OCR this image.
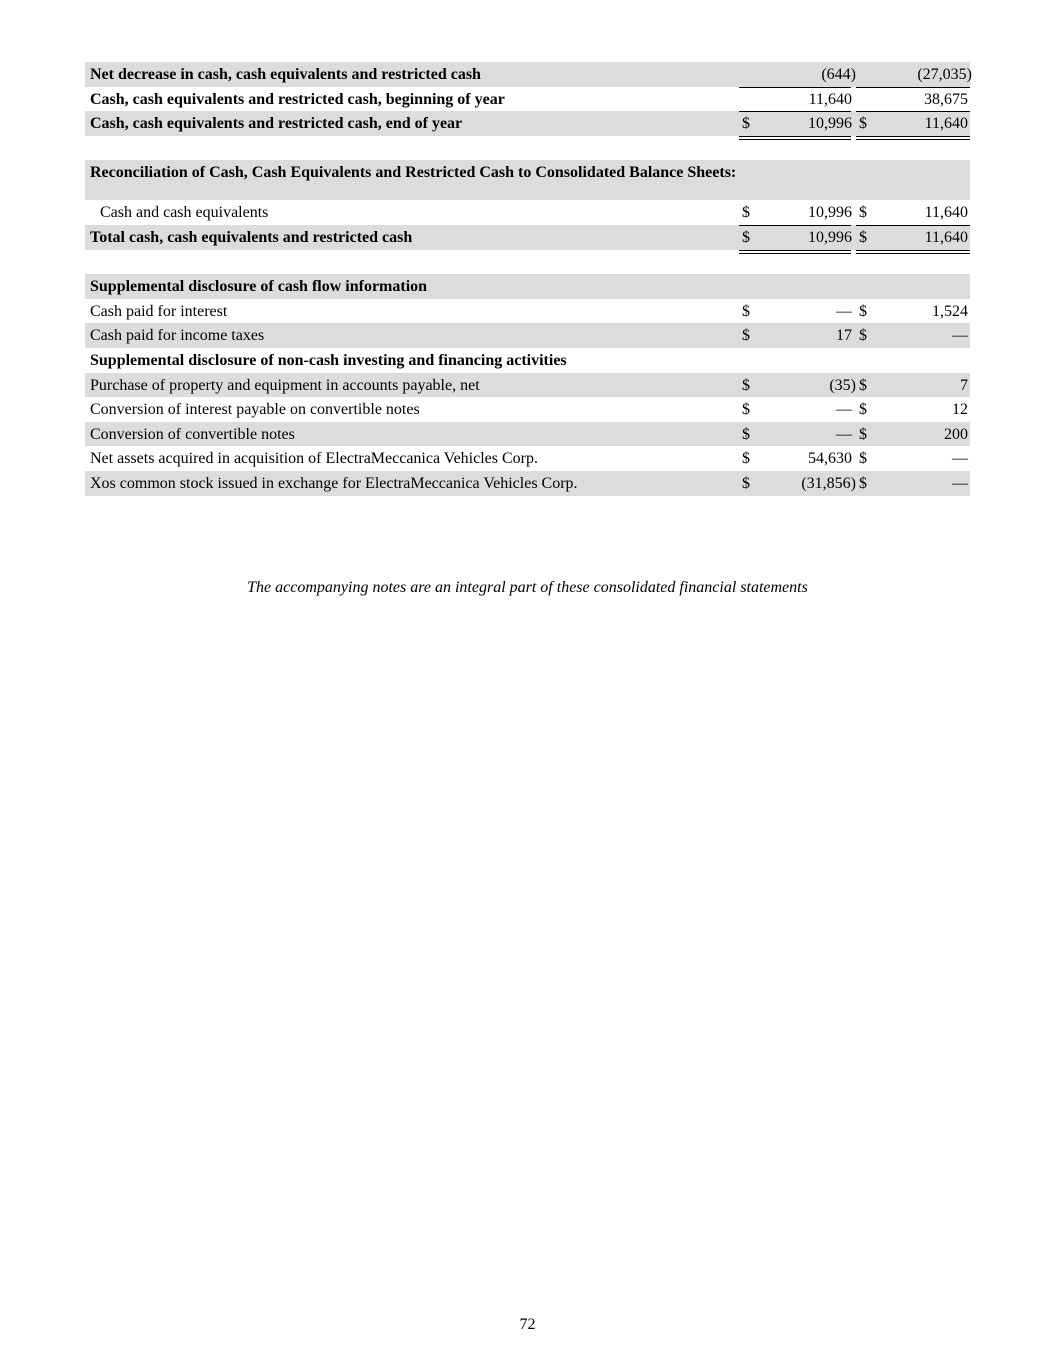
Net decrease in cash, cash equivalents and restricted cash	(644)	(27,035)
Cash, cash equivalents and restricted cash, beginning of year	11,640	38,675
Cash, cash equivalents and restricted cash, end of year	$	10,996 $	11,640
Reconciliation of Cash, Cash Equivalents and Restricted Cash to Consolidated Balance Sheets:
Cash and cash equivalents	$	10,996 $	11,640
Total cash, cash equivalents and restricted cash	$	10,996 $	11,640
Supplemental disclosure of cash flow information
Cash paid for interest	$	— $	1,524
Cash paid for income taxes	$	17 $	—
Supplemental disclosure of non-cash investing and financing activities
Purchase of property and equipment in accounts payable, net	$	(35) $	7
Conversion of interest payable on convertible notes	$	— $	12
Conversion of convertible notes	$	— $	200
Net assets acquired in acquisition of ElectraMeccanica Vehicles Corp.	$	54,630 $	—
Xos common stock issued in exchange for ElectraMeccanica Vehicles Corp.	$	(31,856) $	—
The accompanying notes are an integral part of these consolidated financial statements
72
